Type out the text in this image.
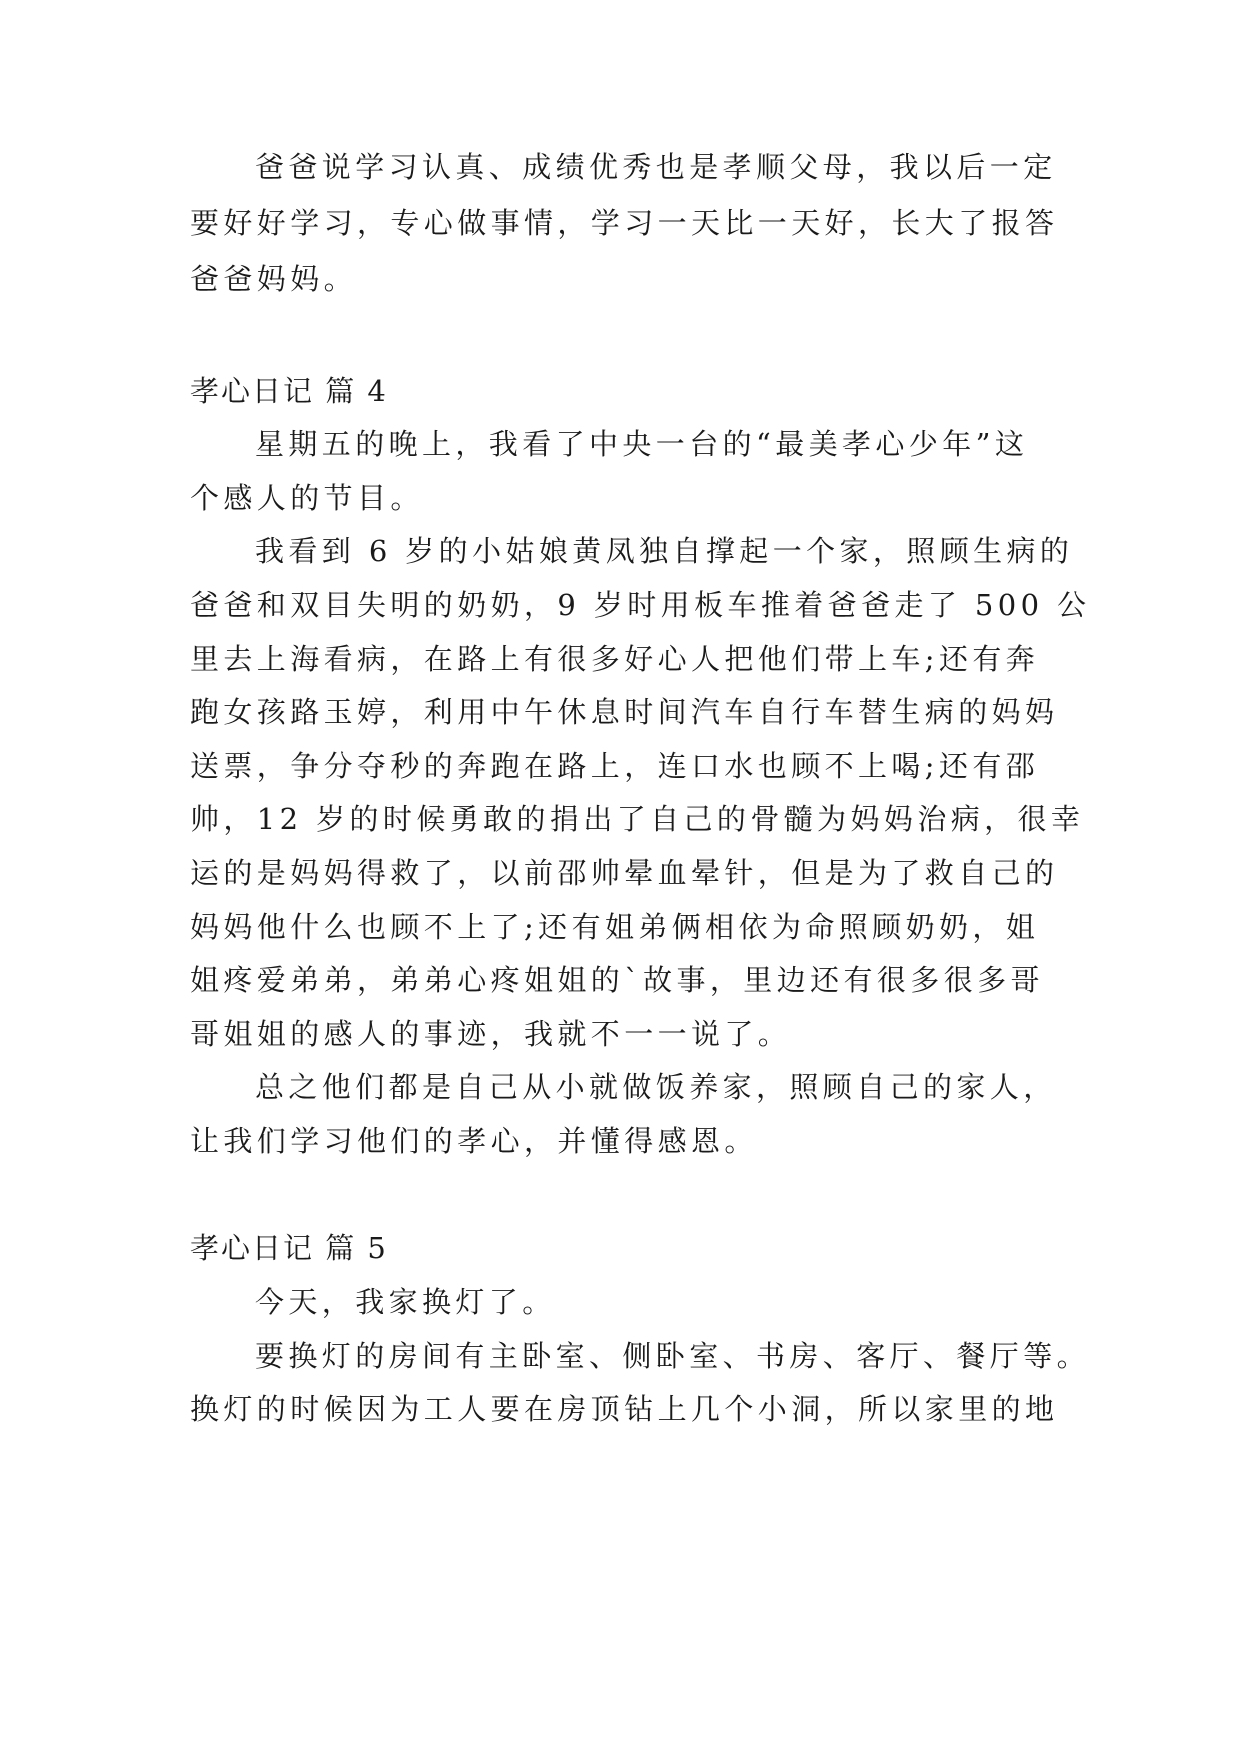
爸爸说学习认真、成绩优秀也是孝顺父母，我以后一定
要好好学习，专心做事情，学习一天比一天好，长大了报答
爸爸妈妈。
孝心日记 篇 4
星期五的晚上，我看了中央一台的“最美孝心少年”这
个感人的节目。
我看到 6 岁的小姑娘黄凤独自撑起一个家，照顾生病的
爸爸和双目失明的奶奶，9 岁时用板车推着爸爸走了 500 公
里去上海看病，在路上有很多好心人把他们带上车;还有奔
跑女孩路玉婷，利用中午休息时间汽车自行车替生病的妈妈
送票，争分夺秒的奔跑在路上，连口水也顾不上喝;还有邵
帅，12 岁的时候勇敢的捐出了自己的骨髓为妈妈治病，很幸
运的是妈妈得救了，以前邵帅晕血晕针，但是为了救自己的
妈妈他什么也顾不上了;还有姐弟俩相依为命照顾奶奶，姐
姐疼爱弟弟，弟弟心疼姐姐的`故事，里边还有很多很多哥
哥姐姐的感人的事迹，我就不一一说了。
总之他们都是自己从小就做饭养家，照顾自己的家人，
让我们学习他们的孝心，并懂得感恩。
孝心日记 篇 5
今天，我家换灯了。
要换灯的房间有主卧室、侧卧室、书房、客厅、餐厅等。
换灯的时候因为工人要在房顶钻上几个小洞，所以家里的地
